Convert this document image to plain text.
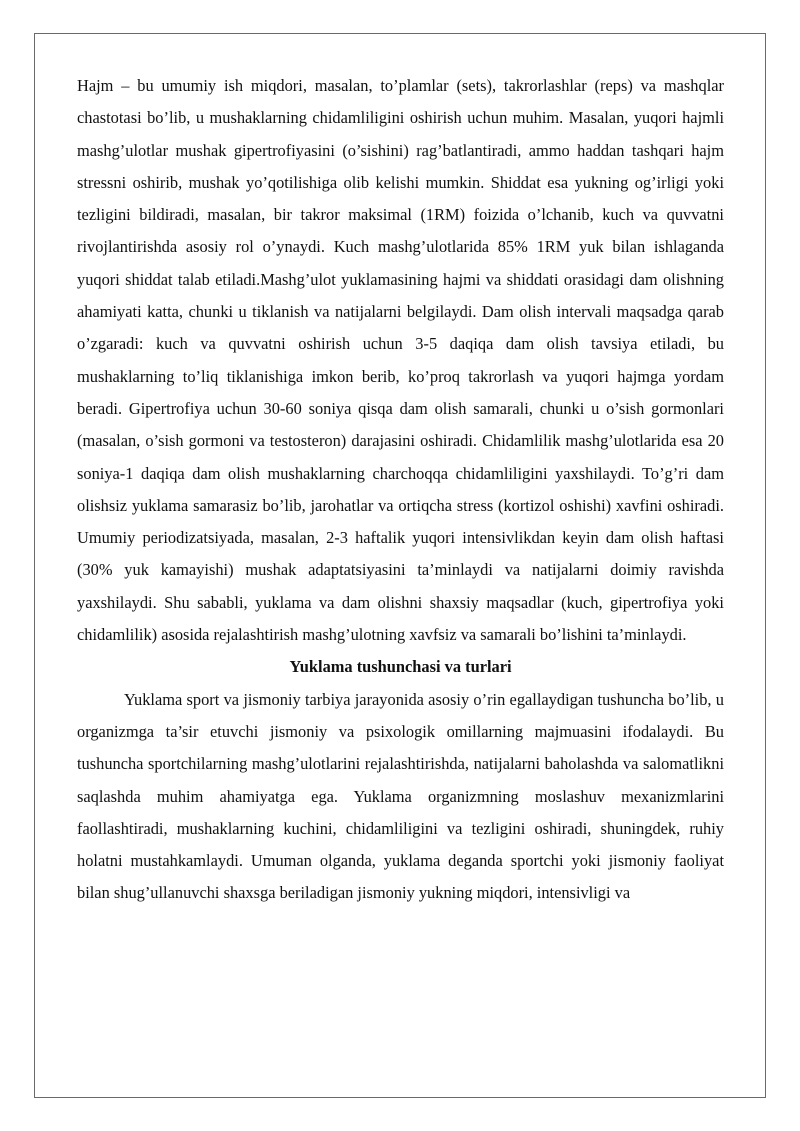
Hajm – bu umumiy ish miqdori, masalan, to’plamlar (sets), takrorlashlar (reps) va mashqlar chastotasi bo’lib, u mushaklarning chidamliligini oshirish uchun muhim. Masalan, yuqori hajmli mashg’ulotlar mushak gipertrofiyasini (o’sishini) rag’batlantiradi, ammo haddan tashqari hajm stressni oshirib, mushak yo’qotilishiga olib kelishi mumkin. Shiddat esa yukning og’irligi yoki tezligini bildiradi, masalan, bir takror maksimal (1RM) foizida o’lchanib, kuch va quvvatni rivojlantirishda asosiy rol o’ynaydi. Kuch mashg’ulotlarida 85% 1RM yuk bilan ishlaganda yuqori shiddat talab etiladi.Mashg’ulot yuklamasining hajmi va shiddati orasidagi dam olishning ahamiyati katta, chunki u tiklanish va natijalarni belgilaydi. Dam olish intervali maqsadga qarab o’zgaradi: kuch va quvvatni oshirish uchun 3-5 daqiqa dam olish tavsiya etiladi, bu mushaklarning to’liq tiklanishiga imkon berib, ko’proq takrorlash va yuqori hajmga yordam beradi. Gipertrofiya uchun 30-60 soniya qisqa dam olish samarali, chunki u o’sish gormonlari (masalan, o’sish gormoni va testosteron) darajasini oshiradi. Chidamlilik mashg’ulotlarida esa 20 soniya-1 daqiqa dam olish mushaklarning charchoqqa chidamliligini yaxshilaydi. To’g’ri dam olishsiz yuklama samarasiz bo’lib, jarohatlar va ortiqcha stress (kortizol oshishi) xavfini oshiradi. Umumiy periodizatsiyada, masalan, 2-3 haftalik yuqori intensivlikdan keyin dam olish haftasi (30% yuk kamayishi) mushak adaptatsiyasini ta’minlaydi va natijalarni doimiy ravishda yaxshilaydi. Shu sababli, yuklama va dam olishni shaxsiy maqsadlar (kuch, gipertrofiya yoki chidamlilik) asosida rejalashtirish mashg’ulotning xavfsiz va samarali bo’lishini ta’minlaydi.

Yuklama tushunchasi va turlari

Yuklama sport va jismoniy tarbiya jarayonida asosiy o’rin egallaydigan tushuncha bo’lib, u organizmga ta’sir etuvchi jismoniy va psixologik omillarning majmuasini ifodalaydi. Bu tushuncha sportchilarning mashg’ulotlarini rejalashtirishda, natijalarni baholashda va salomatlikni saqlashda muhim ahamiyatga ega. Yuklama organizmning moslashuv mexanizmlarini faollashtiradi, mushaklarning kuchini, chidamliligini va tezligini oshiradi, shuningdek, ruhiy holatni mustahkamlaydi. Umuman olganda, yuklama deganda sportchi yoki jismoniy faoliyat bilan shug’ullanuvchi shaxsga beriladigan jismoniy yukning miqdori, intensivligi va
